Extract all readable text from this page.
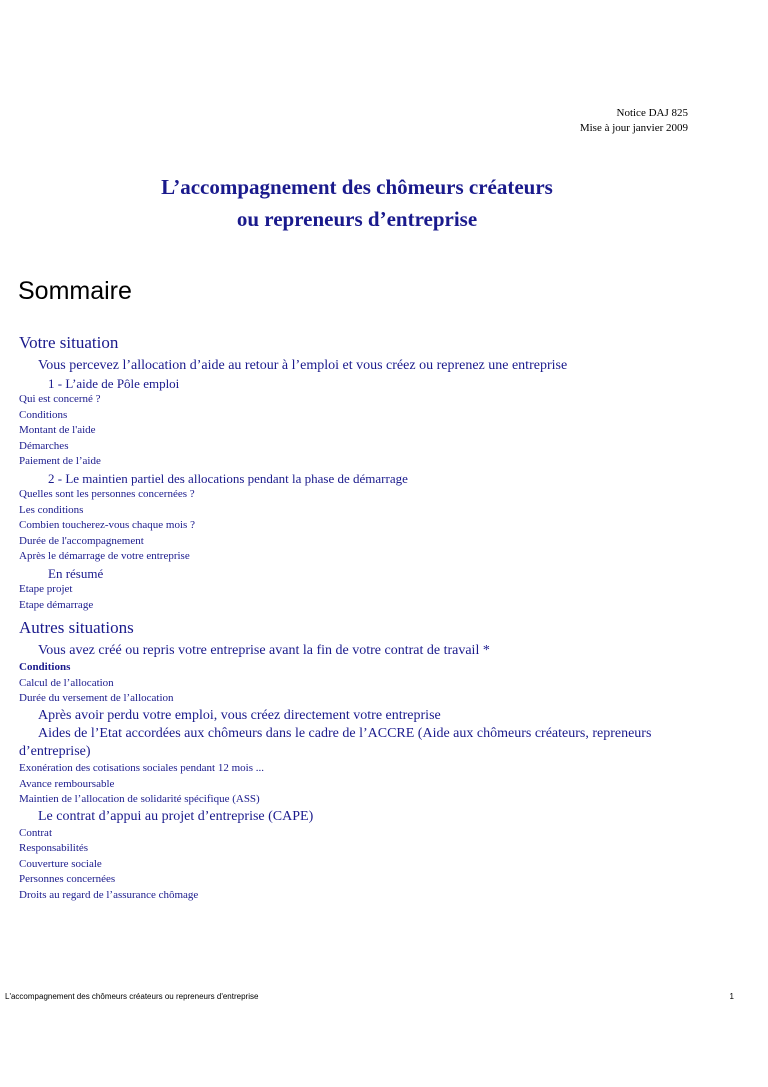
Notice DAJ 825
Mise à jour janvier 2009
L’accompagnement des chômeurs créateurs
ou repreneurs d’entreprise
Sommaire
Votre situation
Vous percevez l’allocation d’aide au retour à l’emploi et vous créez ou reprenez une entreprise
1 - L’aide de Pôle emploi
Qui est concerné ?
Conditions
Montant de l'aide
Démarches
Paiement de l’aide
2 - Le maintien partiel des allocations pendant la phase de démarrage
Quelles sont les personnes concernées ?
Les conditions
Combien toucherez-vous chaque mois ?
Durée de l'accompagnement
Après le démarrage de votre entreprise
En résumé
Etape projet
Etape démarrage
Autres situations
Vous avez créé ou repris votre entreprise avant la fin de votre contrat de travail *
Conditions
Calcul de l’allocation
Durée du versement de l’allocation
Après avoir perdu votre emploi, vous créez directement votre entreprise
Aides de l’Etat accordées aux chômeurs dans le cadre de l’ACCRE (Aide aux chômeurs créateurs, repreneurs d’entreprise)
Exonération des cotisations sociales pendant 12 mois ...
Avance remboursable
Maintien de l’allocation de solidarité spécifique (ASS)
Le contrat d’appui au projet d’entreprise (CAPE)
Contrat
Responsabilités
Couverture sociale
Personnes concernées
Droits au regard de l’assurance chômage
L'accompagnement des chômeurs créateurs ou repreneurs d'entreprise	1
